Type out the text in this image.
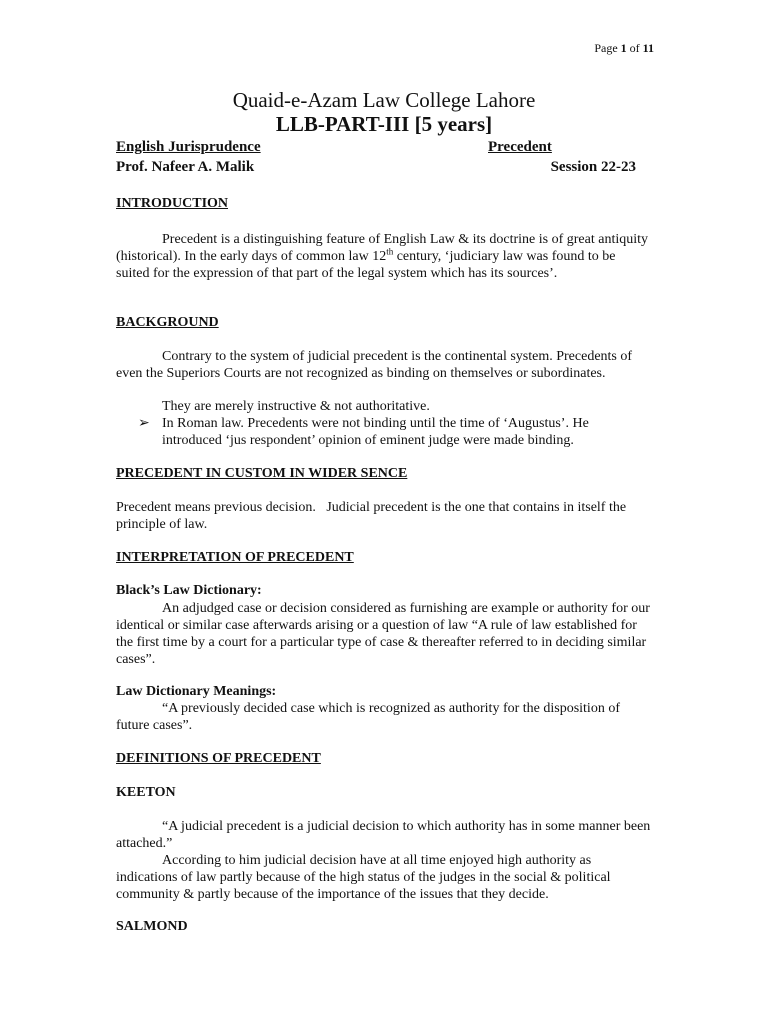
Page 1 of 11
Quaid-e-Azam Law College Lahore
LLB-PART-III [5 years]
English Jurisprudence	Precedent
Prof. Nafeer A. Malik	Session 22-23
INTRODUCTION
Precedent is a distinguishing feature of English Law & its doctrine is of great antiquity (historical). In the early days of common law 12th century, ‘judiciary law was found to be suited for the expression of that part of the legal system which has its sources’.
BACKGROUND
Contrary to the system of judicial precedent is the continental system. Precedents of even the Superiors Courts are not recognized as binding on themselves or subordinates.
They are merely instructive & not authoritative.
➢ In Roman law. Precedents were not binding until the time of ‘Augustus’. He introduced ‘jus respondent’ opinion of eminent judge were made binding.
PRECEDENT IN CUSTOM IN WIDER SENCE
Precedent means previous decision.   Judicial precedent is the one that contains in itself the principle of law.
INTERPRETATION OF PRECEDENT
Black’s Law Dictionary:
An adjudged case or decision considered as furnishing are example or authority for our identical or similar case afterwards arising or a question of law “A rule of law established for the first time by a court for a particular type of case & thereafter referred to in deciding similar cases”.
Law Dictionary Meanings:
“A previously decided case which is recognized as authority for the disposition of future cases”.
DEFINITIONS OF PRECEDENT
KEETON
“A judicial precedent is a judicial decision to which authority has in some manner been attached.”
According to him judicial decision have at all time enjoyed high authority as indications of law partly because of the high status of the judges in the social & political community & partly because of the importance of the issues that they decide.
SALMOND
